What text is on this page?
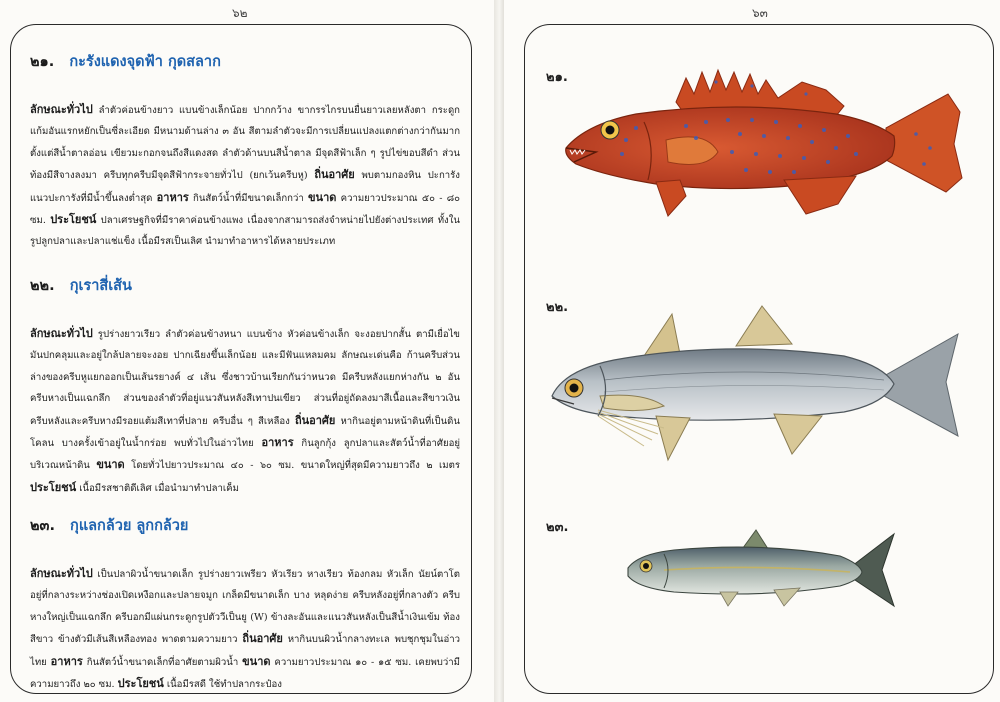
๖๒
๒๑. กะรังแดงจุดฟ้า กุดสลาก
ลักษณะทั่วไป ลำตัวค่อนข้างยาว แบนข้างเล็กน้อย ปากกว้าง ขากรรไกรบนยื่นยาวเลยหลังตา กระดูกแก้มอันแรกหยักเป็นซี่ละเอียด มีหนามด้านล่าง ๓ อัน สีตามลำตัวจะมีการเปลี่ยนแปลงแตกต่างกว่ากันมาก ตั้งแต่สีน้ำตาลอ่อน เขียวมะกอกจนถึงสีแดงสด ลำตัวด้านบนสีน้ำตาล มีจุดสีฟ้าเล็ก ๆ รูปไข่ขอบสีดำ ส่วนท้องมีสีจางลงมา ครีบทุกครีบมีจุดสีฟ้ากระจายทั่วไป (ยกเว้นครีบหู) ถิ่นอาศัย พบตามกองหิน ปะการัง แนวปะการังที่มีน้ำขึ้นลงต่ำสุด อาหาร กินสัตว์น้ำที่มีขนาดเล็กกว่า ขนาด ความยาวประมาณ ๕๐ - ๘๐ ซม. ประโยชน์ ปลาเศรษฐกิจที่มีราคาค่อนข้างแพง เนื่องจากสามารถส่งจำหน่ายไปยังต่างประเทศ ทั้งในรูปลูกปลาและปลาแช่แข็ง เนื้อมีรสเป็นเลิศ นำมาทำอาหารได้หลายประเภท
๒๒. กุเราสี่เส้น
ลักษณะทั่วไป รูปร่างยาวเรียว ลำตัวค่อนข้างหนา แบนข้าง หัวค่อนข้างเล็ก จะงอยปากสั้น ตามีเยื่อไขมันปกคลุมและอยู่ใกล้ปลายจะงอย ปากเฉียงขึ้นเล็กน้อย และมีฟันแหลมคม ลักษณะเด่นคือ ก้านครีบส่วนล่างของครีบหูแยกออกเป็นเส้นรยางค์ ๔ เส้น ซึ่งชาวบ้านเรียกกันว่าหนวด มีครีบหลังแยกห่างกัน ๒ อัน ครีบหางเป็นแฉกลึก ส่วนของลำตัวที่อยู่แนวสันหลังสีเทาปนเขียว ส่วนที่อยู่ถัดลงมาสีเนื้อและสีขาวเงิน ครีบหลังและครีบหางมีรอยแต้มสีเทาที่ปลาย ครีบอื่น ๆ สีเหลือง ถิ่นอาศัย หากินอยู่ตามหน้าดินที่เป็นดินโคลน บางครั้งเข้าอยู่ในน้ำกร่อย พบทั่วไปในอ่าวไทย อาหาร กินลูกกุ้ง ลูกปลาและสัตว์น้ำที่อาศัยอยู่บริเวณหน้าดิน ขนาด โดยทั่วไปยาวประมาณ ๔๐ - ๖๐ ซม. ขนาดใหญ่ที่สุดมีความยาวถึง ๒ เมตร ประโยชน์ เนื้อมีรสชาติดีเลิศ เมื่อนำมาทำปลาเค็ม
๒๓. กุแลกล้วย ลูกกล้วย
ลักษณะทั่วไป เป็นปลาผิวน้ำขนาดเล็ก รูปร่างยาวเพรียว หัวเรียว หางเรียว ท้องกลม หัวเล็ก นัยน์ตาโตอยู่ที่กลางระหว่างช่องเปิดเหงือกและปลายจมูก เกล็ดมีขนาดเล็ก บาง หลุดง่าย ครีบหลังอยู่ที่กลางตัว ครีบหางใหญ่เป็นแฉกลึก ครีบอกมีแผ่นกระดูกรูปตัววีเป็นยู (W) ข้างละอันและแนวสันหลังเป็นสีน้ำเงินเข้ม ท้องสีขาว ข้างตัวมีเส้นสีเหลืองทอง พาดตามความยาว ถิ่นอาศัย หากินบนผิวน้ำกลางทะเล พบชุกชุมในอ่าวไทย อาหาร กินสัตว์น้ำขนาดเล็กที่อาศัยตามผิวน้ำ ขนาด ความยาวประมาณ ๑๐ - ๑๕ ซม. เคยพบว่ามีความยาวถึง ๒๐ ซม. ประโยชน์ เนื้อมีรสดี ใช้ทำปลากระป๋อง
๖๓
๒๑.
๒๒.
๒๓.
